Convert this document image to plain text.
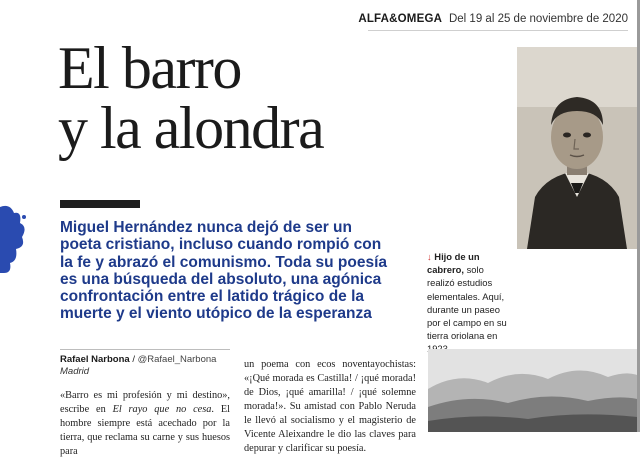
ALFA&OMEGA Del 19 al 25 de noviembre de 2020
El barro
y la alondra

Miguel Hernández nunca dejó de ser un poeta cristiano, incluso cuando rompió con la fe y abrazó el comunismo. Toda su poesía es una búsqueda del absoluto, una agónica confrontación entre el latido trágico de la muerte y el viento utópico de la esperanza

↓ Hijo de un cabrero, solo realizó estudios elementales. Aquí, durante un paseo por el campo en su tierra oriolana en
Rafael Narbona / @Rafael_Narbona
Madrid

«Barro es mi profesión y mi destino», escribe en El rayo que no cesa. El hombre siempre está acechado por la tierra, que reclama su carne y sus huesos para

un poema con ecos noventayochistas: «¡Qué morada es Castilla! / ¡qué morada! de Dios, ¡qué amarilla! / ¡qué solemne morada!». Su amistad con Pablo Neruda le llevó al socialismo y el magisterio de Vicente Aleixandre le dio las claves para depurar y clarificar su poesía.
